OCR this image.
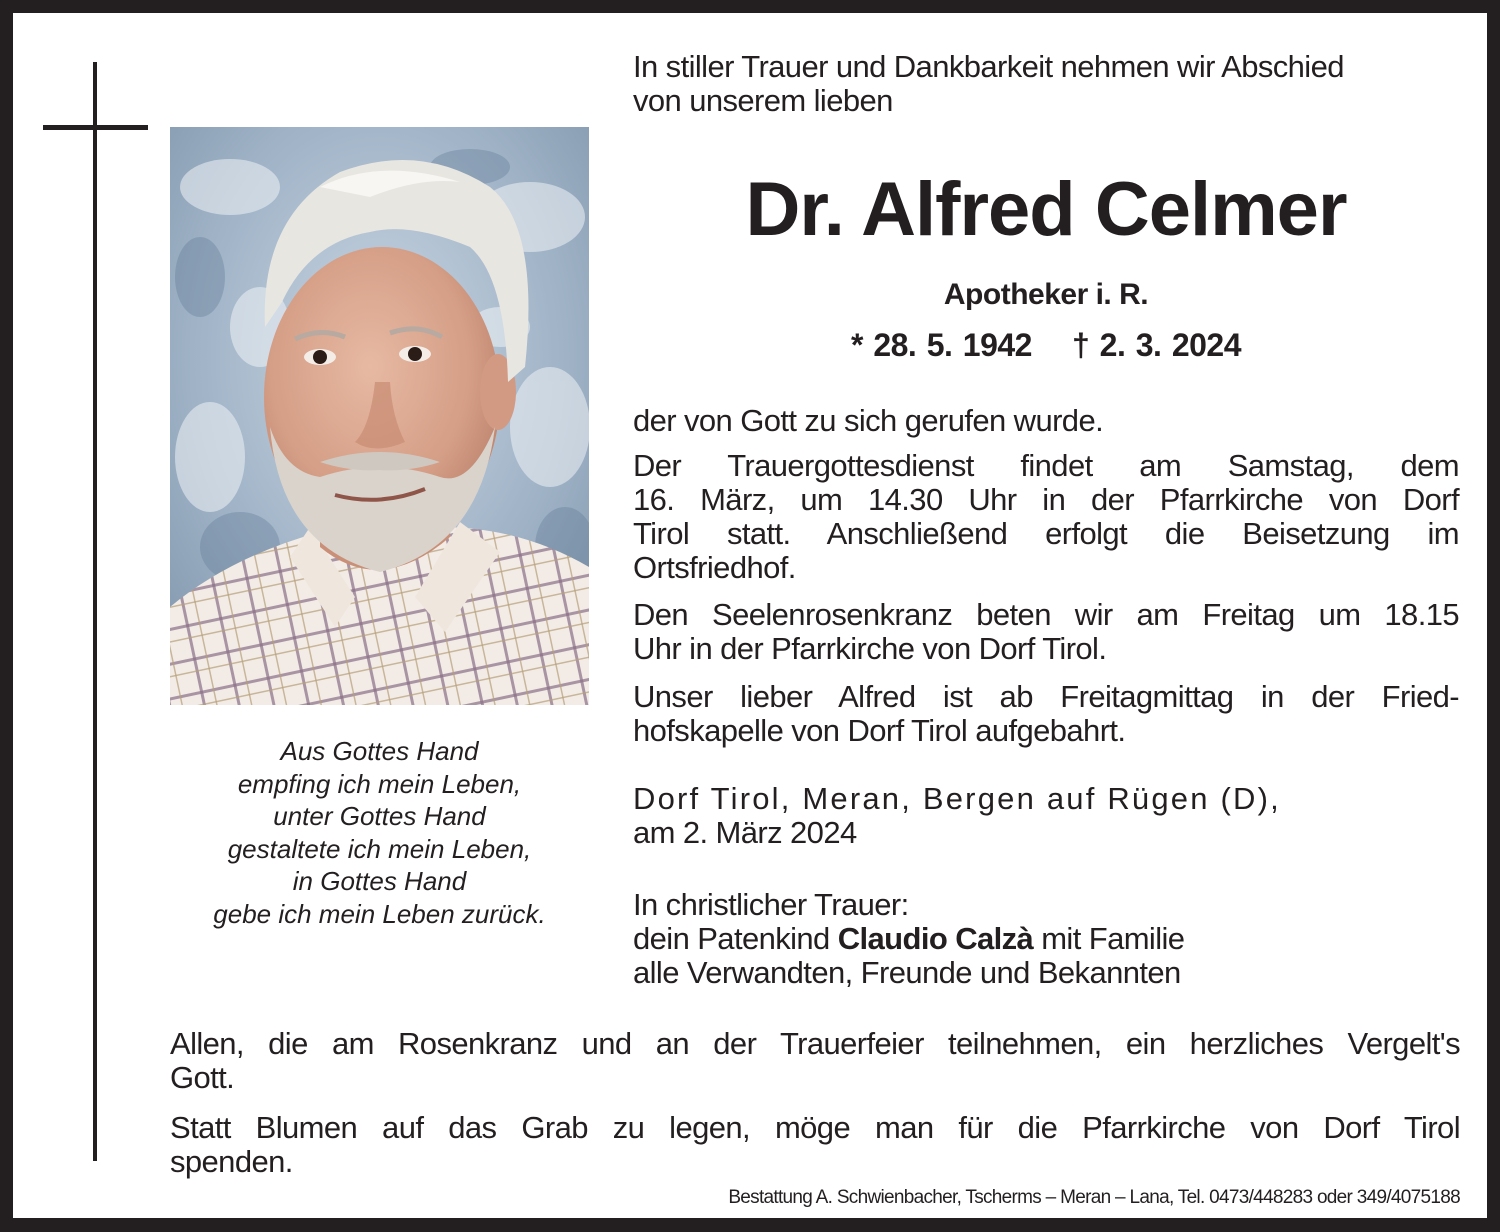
Aus Gottes Hand
empfing ich mein Leben,
unter Gottes Hand
gestaltete ich mein Leben,
in Gottes Hand
gebe ich mein Leben zurück.
In stiller Trauer und Dankbarkeit nehmen wir Abschied
von unserem lieben
Dr. Alfred Celmer
Apotheker i. R.
* 28. 5. 1942 † 2. 3. 2024
der von Gott zu sich gerufen wurde.
Der Trauergottesdienst findet am Samstag, dem
16. März, um 14.30 Uhr in der Pfarrkirche von Dorf
Tirol statt. Anschließend erfolgt die Beisetzung im
Ortsfriedhof.
Den Seelenrosenkranz beten wir am Freitag um 18.15
Uhr in der Pfarrkirche von Dorf Tirol.
Unser lieber Alfred ist ab Freitagmittag in der Fried-
hofskapelle von Dorf Tirol aufgebahrt.
Dorf Tirol, Meran, Bergen auf Rügen (D),
am 2. März 2024
In christlicher Trauer:
dein Patenkind Claudio Calzà mit Familie
alle Verwandten, Freunde und Bekannten
Allen, die am Rosenkranz und an der Trauerfeier teilnehmen, ein herzliches Vergelt's
Gott.
Statt Blumen auf das Grab zu legen, möge man für die Pfarrkirche von Dorf Tirol
spenden.
Bestattung A. Schwienbacher, Tscherms – Meran – Lana, Tel. 0473/448283 oder 349/4075188
